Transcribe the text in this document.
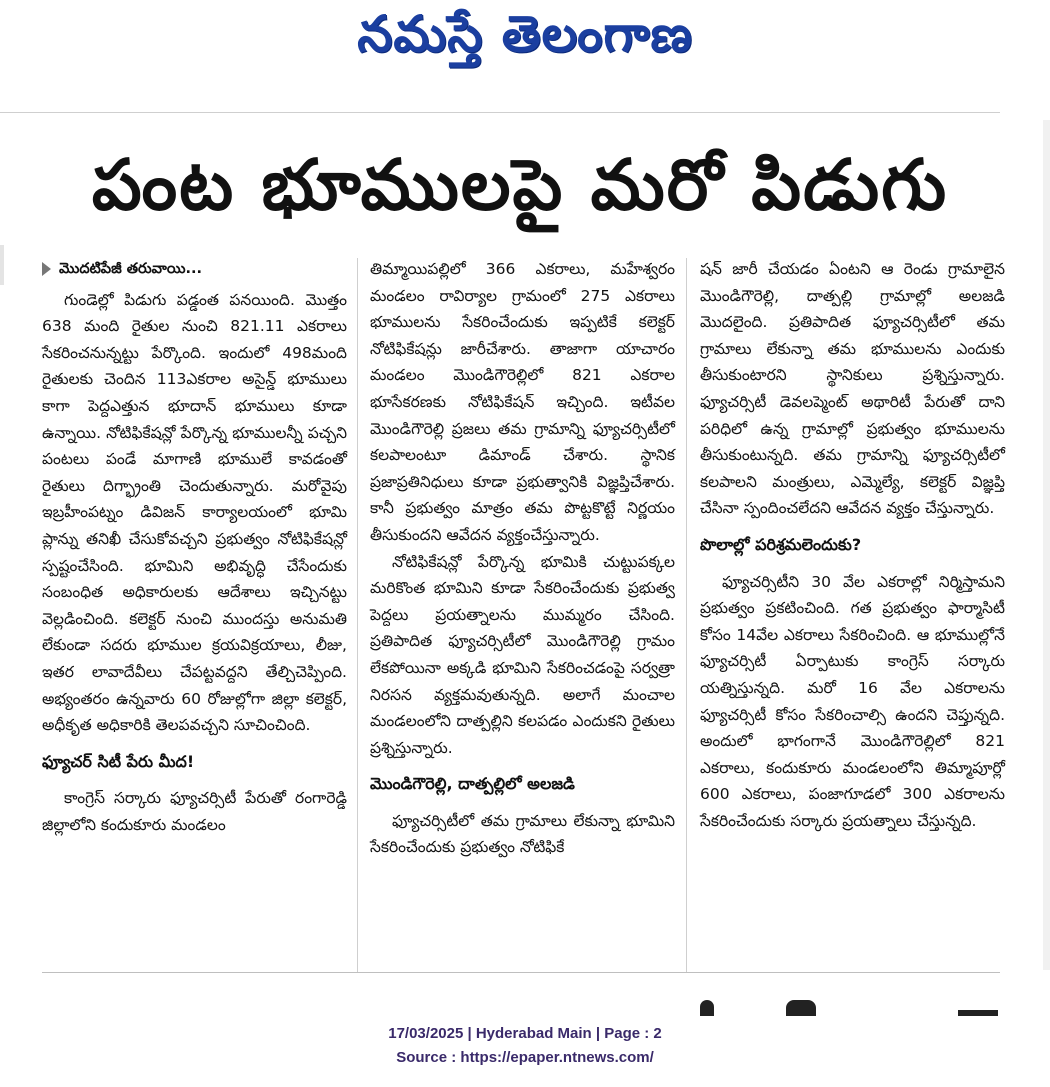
నమస్తే తెలంగాణ
పంట భూములపై మరో పిడుగు

మొదటిపేజీ తరువాయి...

గుండెల్లో పిడుగు పడ్డంత పనయింది. మొత్తం 638 మంది రైతుల నుంచి 821.11 ఎకరాలు సేకరించనున్నట్టు పేర్కొంది. ఇందులో 498మంది రైతులకు చెందిన 113ఎకరాల అసైన్డ్ భూములు కాగా పెద్దఎత్తున భూదాన్ భూములు కూడా ఉన్నాయి. నోటిఫికేషన్లో పేర్కొన్న భూములన్నీ పచ్చని పంటలు పండే మాగాణి భూములే కావడంతో రైతులు దిగ్భ్రాంతి చెందుతున్నారు. మరోవైపు ఇబ్రహీంపట్నం డివిజన్ కార్యాలయంలో భూమి ప్లాన్ను తనిఖీ చేసుకోవచ్చని ప్రభుత్వం నోటిఫికేషన్లో స్పష్టంచేసింది. భూమిని అభివృద్ధి చేసేందుకు సంబంధిత అధికారులకు ఆదేశాలు ఇచ్చినట్టు వెల్లడించింది. కలెక్టర్ నుంచి ముందస్తు అనుమతి లేకుండా సదరు భూముల క్రయవిక్రయాలు, లీజు, ఇతర లావాదేవీలు చేపట్టవద్దని తేల్చిచెప్పింది. అభ్యంతరం ఉన్నవారు 60 రోజుల్లోగా జిల్లా కలెక్టర్, అధీకృత అధికారికి తెలపవచ్చని సూచించింది.

ఫ్యూచర్ సిటీ పేరు మీద!

కాంగ్రెస్ సర్కారు ఫ్యూచర్సిటీ పేరుతో రంగారెడ్డి జిల్లాలోని కందుకూరు మండలం

తిమ్మాయిపల్లిలో 366 ఎకరాలు, మహేశ్వరం మండలం రావిర్యాల గ్రామంలో 275 ఎకరాలు భూములను సేకరించేందుకు ఇప్పటికే కలెక్టర్ నోటిఫికేషన్లు జారీచేశారు. తాజాగా యాచారం మండలం మొండిగౌరెల్లిలో 821 ఎకరాల భూసేకరణకు నోటిఫికేషన్ ఇచ్చింది. ఇటీవల మొండిగౌరెల్లి ప్రజలు తమ గ్రామాన్ని ఫ్యూచర్సిటీలో కలపాలంటూ డిమాండ్ చేశారు. స్థానిక ప్రజాప్రతినిధులు కూడా ప్రభుత్వానికి విజ్ఞప్తిచేశారు. కానీ ప్రభుత్వం మాత్రం తమ పొట్టకొట్టే నిర్ణయం తీసుకుందని ఆవేదన వ్యక్తంచేస్తున్నారు.

నోటిఫికేషన్లో పేర్కొన్న భూమికి చుట్టుపక్కల మరికొంత భూమిని కూడా సేకరించేందుకు ప్రభుత్వ పెద్దలు ప్రయత్నాలను ముమ్మరం చేసింది. ప్రతిపాదిత ఫ్యూచర్సిటీలో మొండిగౌరెల్లి గ్రామం లేకపోయినా అక్కడి భూమిని సేకరించడంపై సర్వత్రా నిరసన వ్యక్తమవుతున్నది. అలాగే మంచాల మండలంలోని దాత్పల్లిని కలపడం ఎందుకని రైతులు ప్రశ్నిస్తున్నారు.

మొండిగౌరెల్లి, దాత్పల్లిలో అలజడి

ఫ్యూచర్సిటీలో తమ గ్రామాలు లేకున్నా భూమిని సేకరించేందుకు ప్రభుత్వం నోటిఫికే

షన్ జారీ చేయడం ఏంటని ఆ రెండు గ్రామాలైన మొండిగౌరెల్లి, దాత్పల్లి గ్రామాల్లో అలజడి మొదలైంది. ప్రతిపాదిత ఫ్యూచర్సిటీలో తమ గ్రామాలు లేకున్నా తమ భూములను ఎందుకు తీసుకుంటారని స్థానికులు ప్రశ్నిస్తున్నారు. ఫ్యూచర్సిటీ డెవలప్మెంట్ అథారిటీ పేరుతో దాని పరిధిలో ఉన్న గ్రామాల్లో ప్రభుత్వం భూములను తీసుకుంటున్నది. తమ గ్రామాన్ని ఫ్యూచర్సిటీలో కలపాలని మంత్రులు, ఎమ్మెల్యే, కలెక్టర్ విజ్ఞప్తి చేసినా స్పందించలేదని ఆవేదన వ్యక్తం చేస్తున్నారు.

పొలాల్లో పరిశ్రమలెందుకు?

ఫ్యూచర్సిటీని 30 వేల ఎకరాల్లో నిర్మిస్తామని ప్రభుత్వం ప్రకటించింది. గత ప్రభుత్వం ఫార్మాసిటీ కోసం 14వేల ఎకరాలు సేకరించింది. ఆ భూముల్లోనే ఫ్యూచర్సిటీ ఏర్పాటుకు కాంగ్రెస్ సర్కారు యత్నిస్తున్నది. మరో 16 వేల ఎకరాలను ఫ్యూచర్సిటీ కోసం సేకరించాల్సి ఉందని చెప్తున్నది. అందులో భాగంగానే మొండిగౌరెల్లిలో 821 ఎకరాలు, కందుకూరు మండలంలోని తిమ్మాపూర్లో 600 ఎకరాలు, పంజాగూడలో 300 ఎకరాలను సేకరించేందుకు సర్కారు ప్రయత్నాలు చేస్తున్నది.

17/03/2025 | Hyderabad Main | Page : 2
Source : https://epaper.ntnews.com/
